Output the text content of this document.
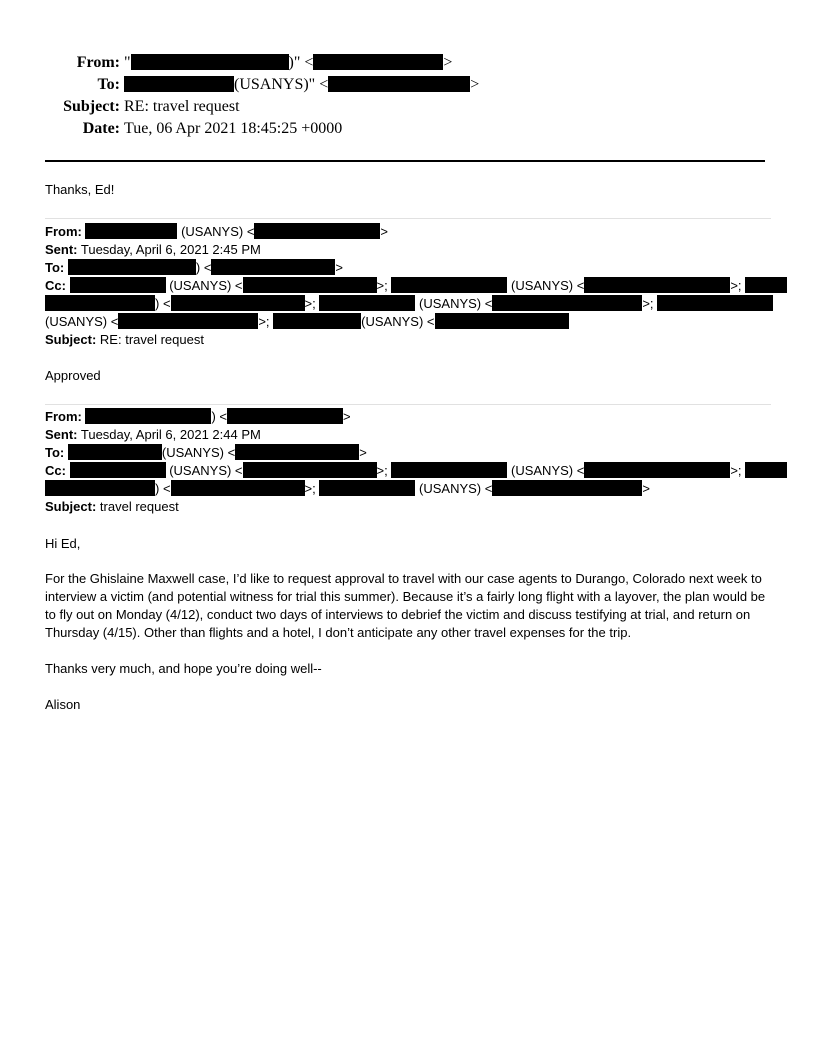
From: "	)" <	>
To:	(USANYS)" <	>
Subject: RE: travel request
Date: Tue, 06 Apr 2021 18:45:25 +0000
Thanks, Ed!
From:	(USANYS) <	>
Sent: Tuesday, April 6, 2021 2:45 PM
To:	) <	>
Cc:	(USANYS) <	>;	(USANYS) <	>;
) <	>;	(USANYS) <	>;
(USANYS) <	>;	(USANYS) <
Subject: RE: travel request
Approved
From:	) <	>
Sent: Tuesday, April 6, 2021 2:44 PM
To:	(USANYS) <	>
Cc:	(USANYS) <	>;	(USANYS) <	>;
) <	>;	(USANYS) <	>
Subject: travel request
Hi Ed,
For the Ghislaine Maxwell case, I’d like to request approval to travel with our case agents to Durango, Colorado next week to interview a victim (and potential witness for trial this summer). Because it’s a fairly long flight with a layover, the plan would be to fly out on Monday (4/12), conduct two days of interviews to debrief the victim and discuss testifying at trial, and return on Thursday (4/15). Other than flights and a hotel, I don’t anticipate any other travel expenses for the trip.
Thanks very much, and hope you’re doing well--
Alison
